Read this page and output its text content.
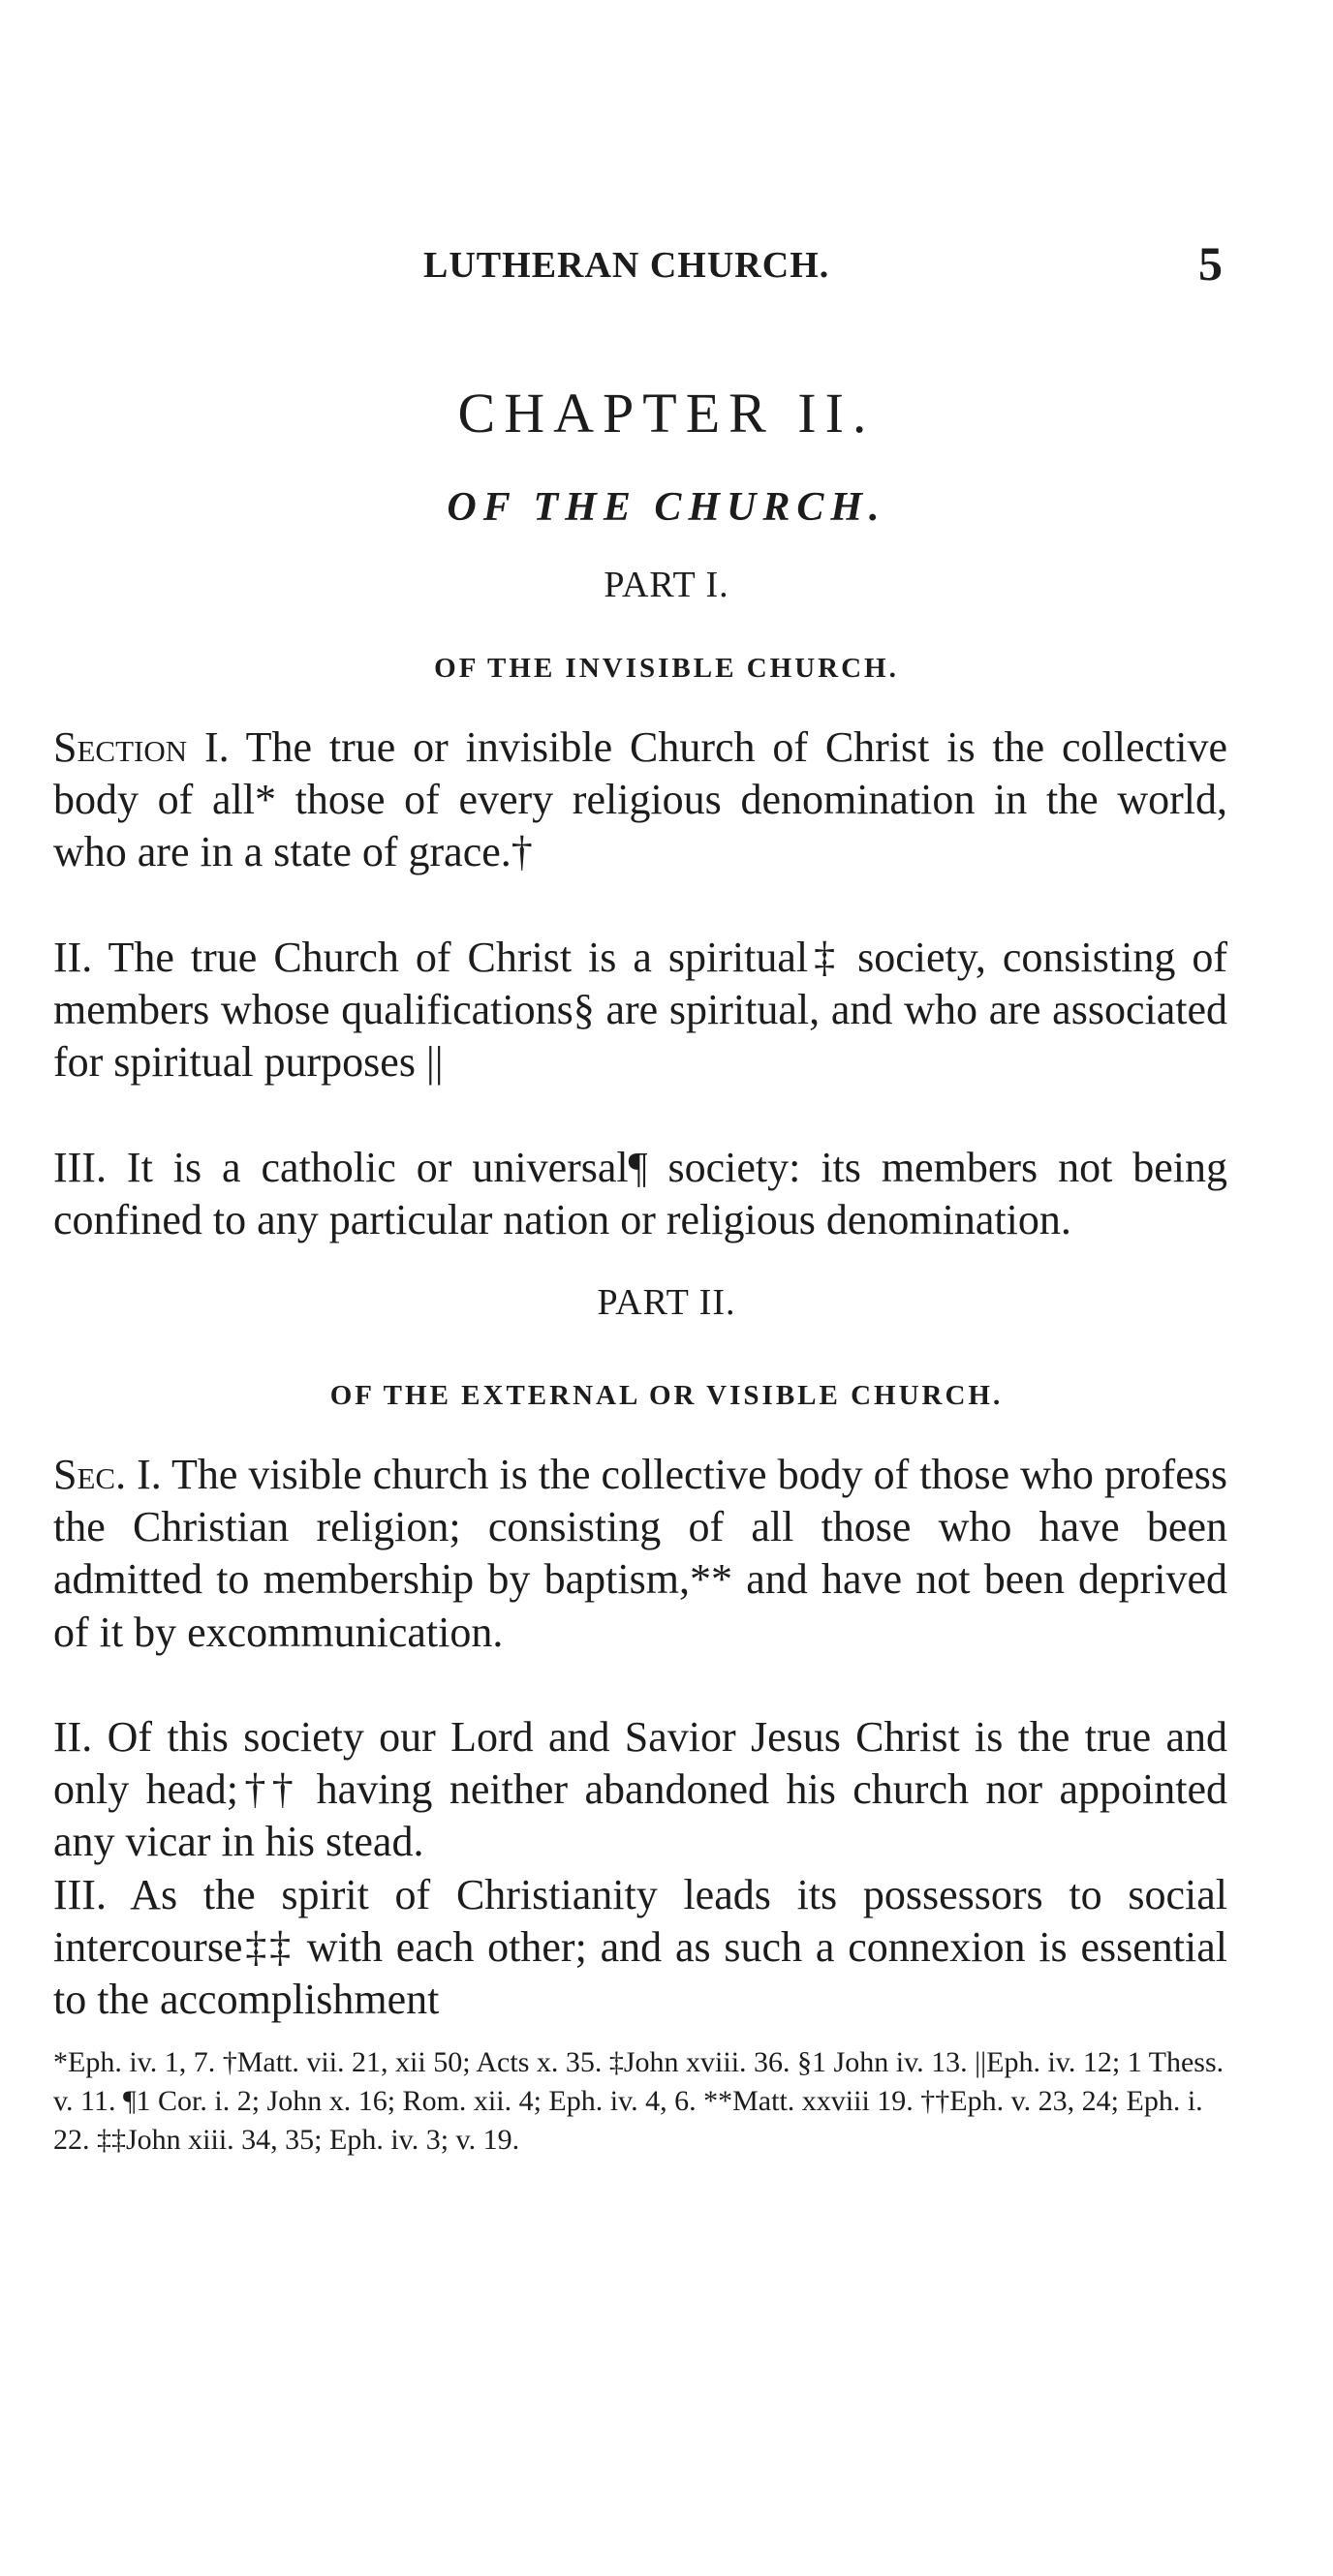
LUTHERAN CHURCH.	5
CHAPTER II.
OF THE CHURCH.
PART I.
OF THE INVISIBLE CHURCH.

Section I. The true or invisible Church of Christ is the collective body of all* those of every religious denomination in the world, who are in a state of grace.†

II. The true Church of Christ is a spiritual‡ society, consisting of members whose qualifications§ are spiritual, and who are associated for spiritual purposes ||

III. It is a catholic or universal¶ society: its members not being confined to any particular nation or religious denomination.

PART II.
OF THE EXTERNAL OR VISIBLE CHURCH.

Sec. I. The visible church is the collective body of those who profess the Christian religion; consisting of all those who have been admitted to membership by baptism,** and have not been deprived of it by excommunication.

II. Of this society our Lord and Savior Jesus Christ is the true and only head;†† having neither abandoned his church nor appointed any vicar in his stead.

III. As the spirit of Christianity leads its possessors to social intercourse‡‡ with each other; and as such a connexion is essential to the accomplishment

*Eph. iv. 1, 7. †Matt. vii. 21, xii 50; Acts x. 35. ‡John xviii. 36. §1 John iv. 13. ||Eph. iv. 12; 1 Thess. v. 11. ¶1 Cor. i. 2; John x. 16; Rom. xii. 4; Eph. iv. 4, 6. **Matt. xxviii 19. ††Eph. v. 23, 24; Eph. i. 22. ‡‡John xiii. 34, 35; Eph. iv. 3; v. 19.
